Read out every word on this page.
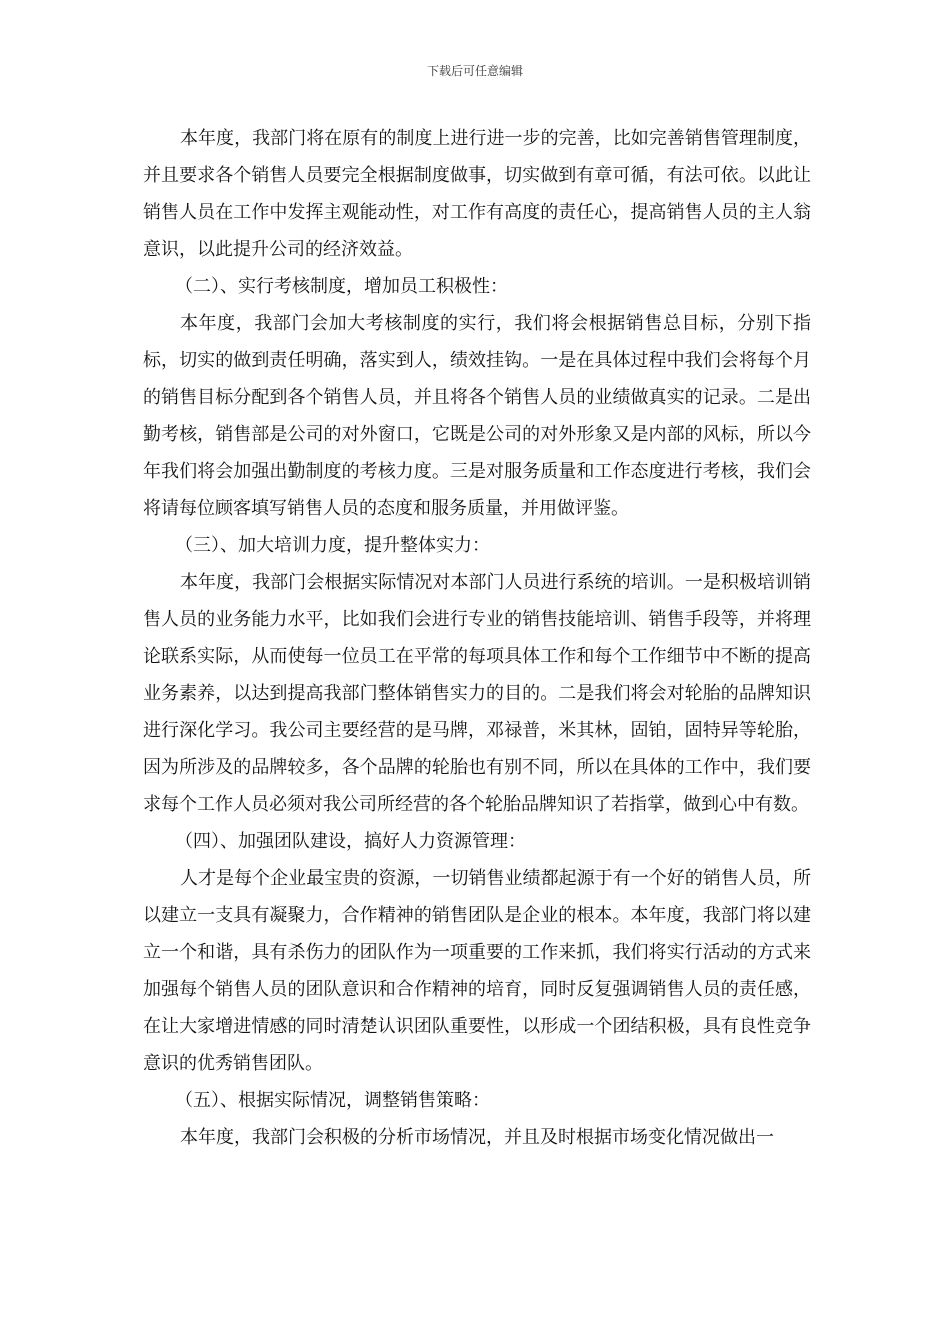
下载后可任意编辑

本年度，我部门将在原有的制度上进行进一步的完善，比如完善销售管理制度，并且要求各个销售人员要完全根据制度做事，切实做到有章可循，有法可依。以此让销售人员在工作中发挥主观能动性，对工作有高度的责任心，提高销售人员的主人翁意识，以此提升公司的经济效益。

（二）、实行考核制度，增加员工积极性：

本年度，我部门会加大考核制度的实行，我们将会根据销售总目标，分别下指标，切实的做到责任明确，落实到人，绩效挂钩。一是在具体过程中我们会将每个月的销售目标分配到各个销售人员，并且将各个销售人员的业绩做真实的记录。二是出勤考核，销售部是公司的对外窗口，它既是公司的对外形象又是内部的风标，所以今年我们将会加强出勤制度的考核力度。三是对服务质量和工作态度进行考核，我们会将请每位顾客填写销售人员的态度和服务质量，并用做评鉴。

（三）、加大培训力度，提升整体实力：

本年度，我部门会根据实际情况对本部门人员进行系统的培训。一是积极培训销售人员的业务能力水平，比如我们会进行专业的销售技能培训、销售手段等，并将理论联系实际，从而使每一位员工在平常的每项具体工作和每个工作细节中不断的提高业务素养，以达到提高我部门整体销售实力的目的。二是我们将会对轮胎的品牌知识进行深化学习。我公司主要经营的是马牌，邓禄普，米其林，固铂，固特异等轮胎，因为所涉及的品牌较多，各个品牌的轮胎也有别不同，所以在具体的工作中，我们要求每个工作人员必须对我公司所经营的各个轮胎品牌知识了若指掌，做到心中有数。

（四）、加强团队建设，搞好人力资源管理：

人才是每个企业最宝贵的资源，一切销售业绩都起源于有一个好的销售人员，所以建立一支具有凝聚力，合作精神的销售团队是企业的根本。本年度，我部门将以建立一个和谐，具有杀伤力的团队作为一项重要的工作来抓，我们将实行活动的方式来加强每个销售人员的团队意识和合作精神的培育，同时反复强调销售人员的责任感，在让大家增进情感的同时清楚认识团队重要性，以形成一个团结积极，具有良性竞争意识的优秀销售团队。

（五）、根据实际情况，调整销售策略：

本年度，我部门会积极的分析市场情况，并且及时根据市场变化情况做出一
